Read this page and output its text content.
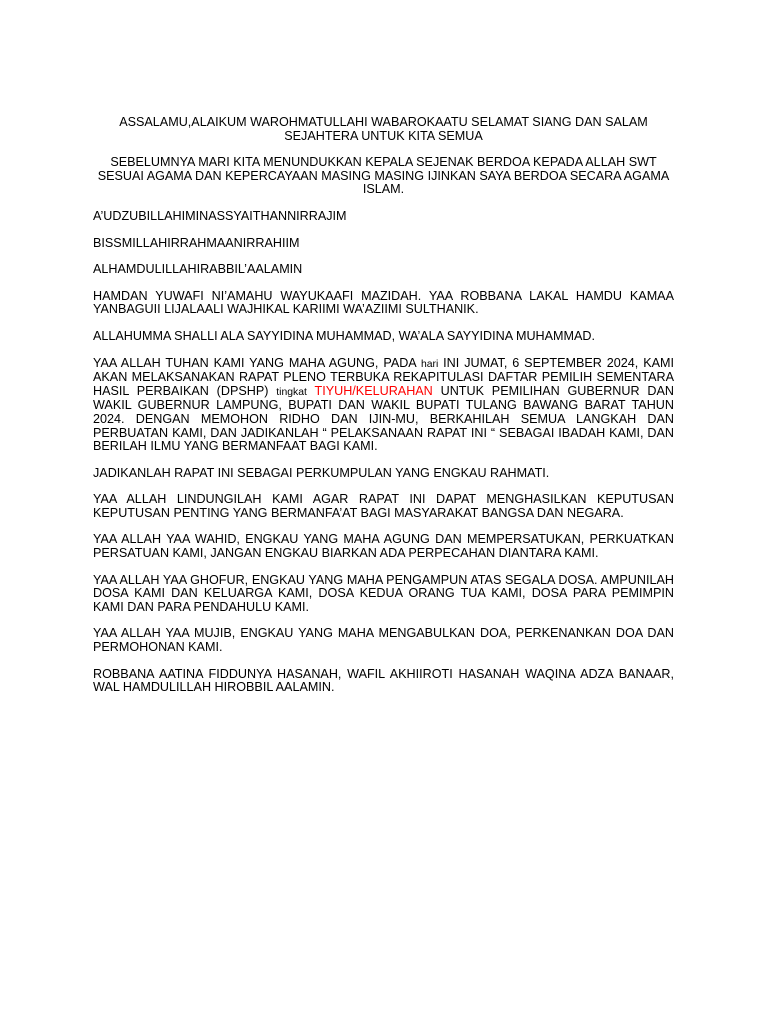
ASSALAMU,ALAIKUM WAROHMATULLAHI WABAROKAATU SELAMAT SIANG DAN SALAM SEJAHTERA UNTUK KITA SEMUA

SEBELUMNYA MARI KITA MENUNDUKKAN KEPALA SEJENAK BERDOA KEPADA ALLAH SWT SESUAI AGAMA DAN KEPERCAYAAN MASING MASING IJINKAN SAYA BERDOA SECARA AGAMA ISLAM.

A’UDZUBILLAHIMINASSYAITHANNIRRAJIM

BISSMILLAHIRRAHMAANIRRAHIIM

ALHAMDULILLAHIRABBIL’AALAMIN

HAMDAN YUWAFI NI’AMAHU WAYUKAAFI MAZIDAH. YAA ROBBANA LAKAL HAMDU KAMAA YANBAGUII LIJALAALI WAJHIKAL KARIIMI WA’AZIIMI SULTHANIK.

ALLAHUMMA SHALLI ALA SAYYIDINA MUHAMMAD, WA’ALA SAYYIDINA MUHAMMAD.

YAA ALLAH TUHAN KAMI YANG MAHA AGUNG, PADA hari INI JUMAT, 6 SEPTEMBER 2024, KAMI AKAN MELAKSANAKAN RAPAT PLENO TERBUKA REKAPITULASI DAFTAR PEMILIH SEMENTARA HASIL PERBAIKAN (DPSHP) tingkat TIYUH/KELURAHAN UNTUK PEMILIHAN GUBERNUR DAN WAKIL GUBERNUR LAMPUNG, BUPATI DAN WAKIL BUPATI TULANG BAWANG BARAT TAHUN 2024. DENGAN MEMOHON RIDHO DAN IJIN-MU, BERKAHILAH SEMUA LANGKAH DAN PERBUATAN KAMI, DAN JADIKANLAH “ PELAKSANAAN RAPAT INI “ SEBAGAI IBADAH KAMI, DAN BERILAH ILMU YANG BERMANFAAT BAGI KAMI.

JADIKANLAH RAPAT INI SEBAGAI PERKUMPULAN YANG ENGKAU RAHMATI.

YAA ALLAH LINDUNGILAH KAMI AGAR RAPAT INI DAPAT MENGHASILKAN KEPUTUSAN KEPUTUSAN PENTING YANG BERMANFA’AT BAGI MASYARAKAT BANGSA DAN NEGARA.

YAA ALLAH YAA WAHID, ENGKAU YANG MAHA AGUNG DAN MEMPERSATUKAN, PERKUATKAN PERSATUAN KAMI, JANGAN ENGKAU BIARKAN ADA PERPECAHAN DIANTARA KAMI.

YAA ALLAH YAA GHOFUR, ENGKAU YANG MAHA PENGAMPUN ATAS SEGALA DOSA. AMPUNILAH DOSA KAMI DAN KELUARGA KAMI, DOSA KEDUA ORANG TUA KAMI, DOSA PARA PEMIMPIN KAMI DAN PARA PENDAHULU KAMI.

YAA ALLAH YAA MUJIB, ENGKAU YANG MAHA MENGABULKAN DOA, PERKENANKAN DOA DAN PERMOHONAN KAMI.

ROBBANA AATINA FIDDUNYA HASANAH, WAFIL AKHIIROTI HASANAH WAQINA ADZA BANAAR, WAL HAMDULILLAH HIROBBIL AALAMIN.
